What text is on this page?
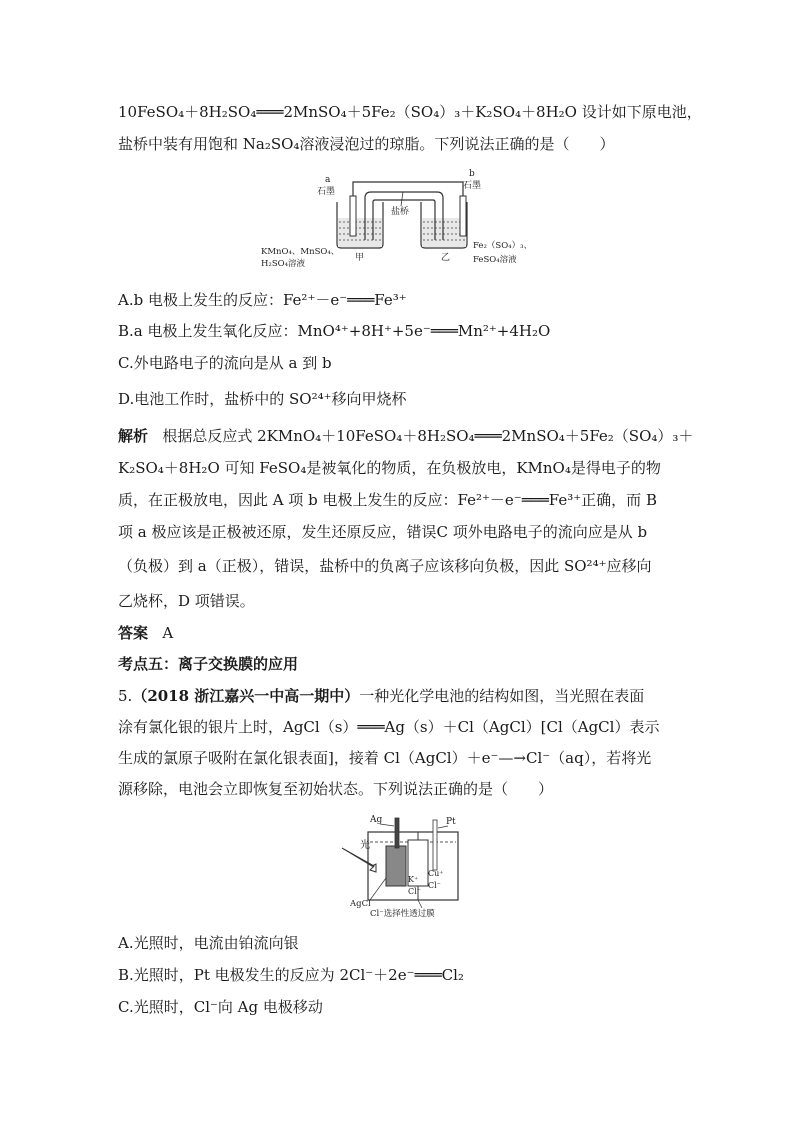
10FeSO₄＋8H₂SO₄═══2MnSO₄＋5Fe₂（SO₄）₃＋K₂SO₄＋8H₂O 设计如下原电池，
盐桥中装有用饱和 Na₂SO₄溶液浸泡过的琼脂。下列说法正确的是（　　）
a
石墨
b
石墨
盐桥
KMnO₄、MnSO₄、
H₂SO₄溶液
甲	乙
Fe₂（SO₄）₃、
FeSO₄溶液
A.b 电极上发生的反应：Fe²⁺－e⁻═══Fe³⁺
B.a 电极上发生氧化反应：MnO⁴⁺+8H⁺+5e⁻═══Mn²⁺+4H₂O
C.外电路电子的流向是从 a 到 b
D.电池工作时，盐桥中的 SO²⁴⁺移向甲烧杯
解析 根据总反应式 2KMnO₄＋10FeSO₄＋8H₂SO₄═══2MnSO₄＋5Fe₂（SO₄）₃＋
K₂SO₄＋8H₂O 可知 FeSO₄是被氧化的物质，在负极放电，KMnO₄是得电子的物
质，在正极放电，因此 A 项 b 电极上发生的反应：Fe²⁺－e⁻═══Fe³⁺正确，而 B
项 a 极应该是正极被还原，发生还原反应，错误C 项外电路电子的流向应是从 b
（负极）到 a（正极），错误，盐桥中的负离子应该移向负极，因此 SO²⁴⁺应移向
乙烧杯，D 项错误。
答案 A
考点五：离子交换膜的应用
5.（2018 浙江嘉兴一中高一期中）一种光化学电池的结构如图，当光照在表面
涂有氯化银的银片上时，AgCl（s）═══Ag（s）＋Cl（AgCl）[Cl（AgCl）表示
生成的氯原子吸附在氯化银表面]，接着 Cl（AgCl）＋e⁻—→Cl⁻（aq），若将光
源移除，电池会立即恢复至初始状态。下列说法正确的是（　　）
Ag	Pt
光
K⁺
Cl⁻
Cu⁺
Cl⁻
AgCl
Cl⁻选择性透过膜
A.光照时，电流由铂流向银
B.光照时，Pt 电极发生的反应为 2Cl⁻＋2e⁻═══Cl₂
C.光照时，Cl⁻向 Ag 电极移动
